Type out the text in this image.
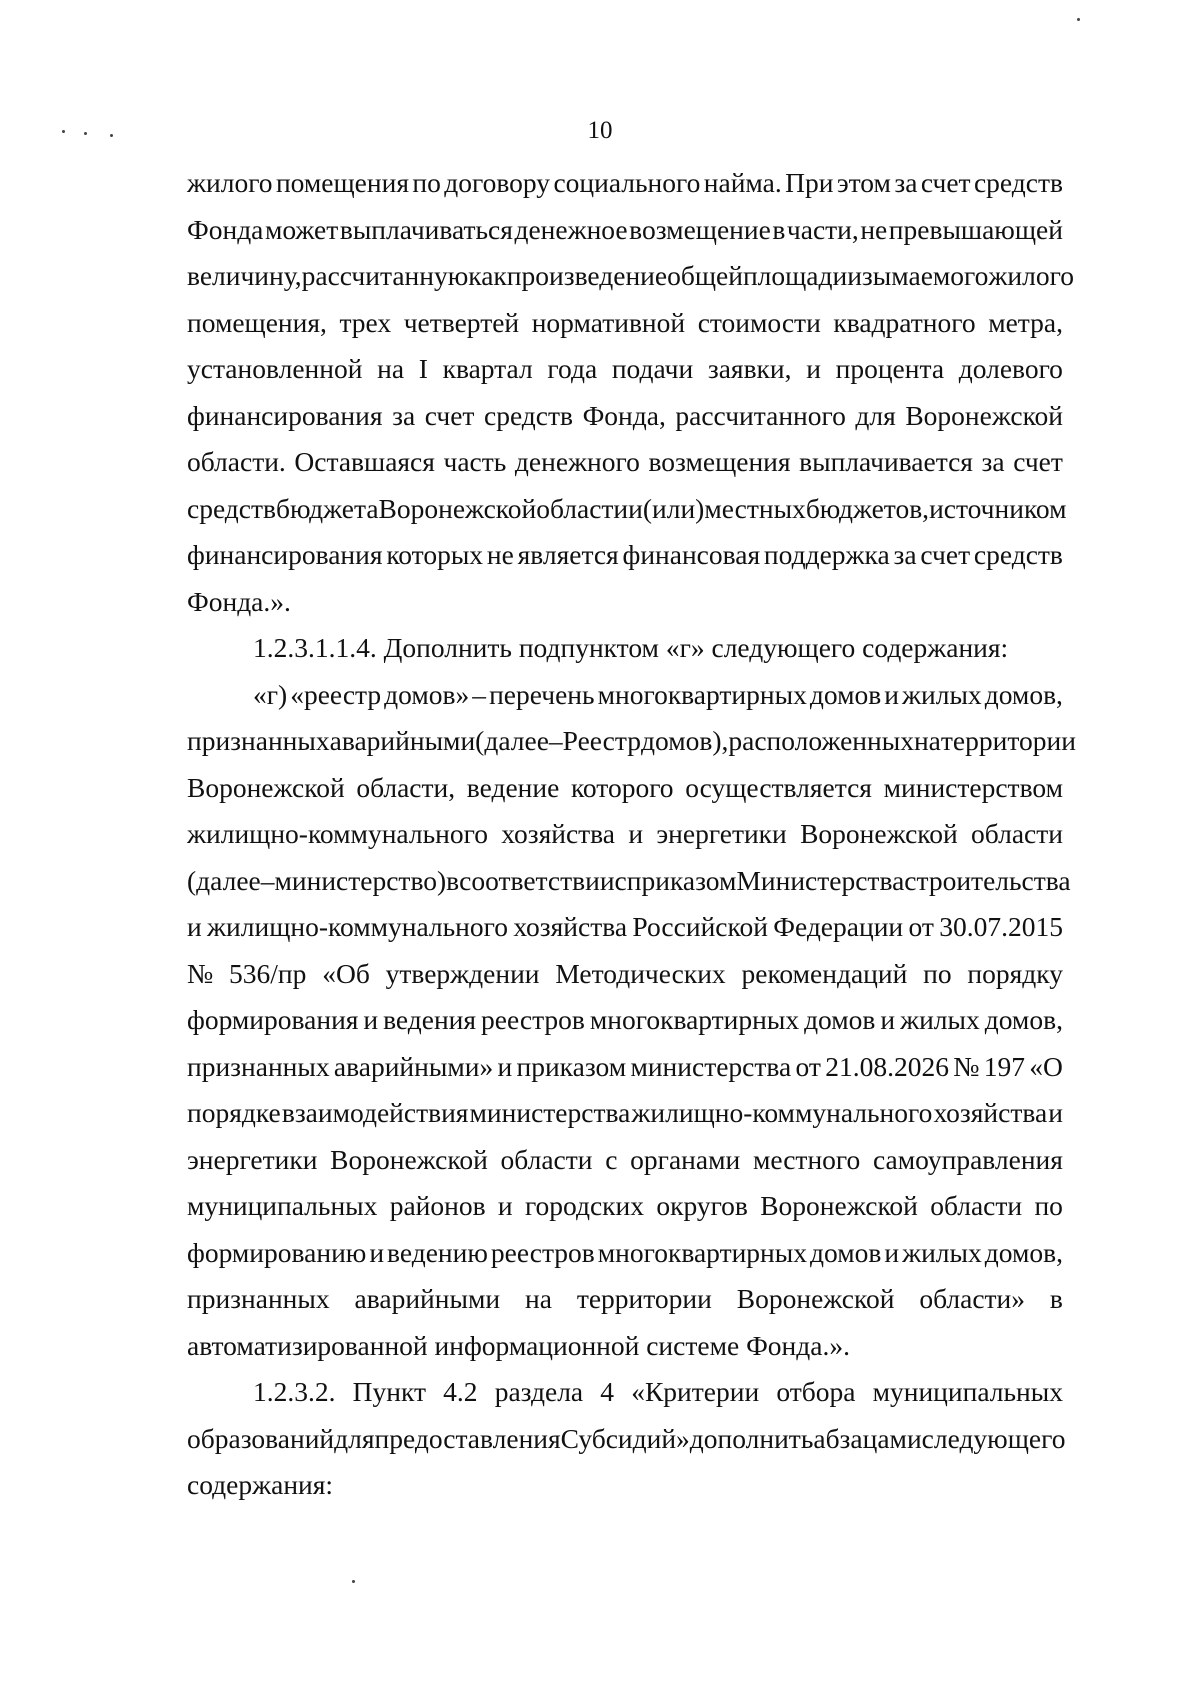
10
жилого помещения по договору социального найма. При этом за счет средств
Фонда может выплачиваться денежное возмещение в части, не превышающей
величину, рассчитанную как произведение общей площади изымаемого жилого
помещения, трех четвертей нормативной стоимости квадратного метра,
установленной на I квартал года подачи заявки, и процента долевого
финансирования за счет средств Фонда, рассчитанного для Воронежской
области. Оставшаяся часть денежного возмещения выплачивается за счет
средств бюджета Воронежской области и (или) местных бюджетов, источником
финансирования которых не является финансовая поддержка за счет средств
Фонда.».
1.2.3.1.1.4. Дополнить подпунктом «г» следующего содержания:
«г) «реестр домов» – перечень многоквартирных домов и жилых домов,
признанных аварийными (далее – Реестр домов), расположенных на территории
Воронежской области, ведение которого осуществляется министерством
жилищно-коммунального хозяйства и энергетики Воронежской области
(далее – министерство) в соответствии с приказом Министерства строительства
и жилищно-коммунального хозяйства Российской Федерации от 30.07.2015
№ 536/пр «Об утверждении Методических рекомендаций по порядку
формирования и ведения реестров многоквартирных домов и жилых домов,
признанных аварийными» и приказом министерства от 21.08.2026 № 197 «О
порядке взаимодействия министерства жилищно-коммунального хозяйства и
энергетики Воронежской области с органами местного самоуправления
муниципальных районов и городских округов Воронежской области по
формированию и ведению реестров многоквартирных домов и жилых домов,
признанных аварийными на территории Воронежской области» в
автоматизированной информационной системе Фонда.».
1.2.3.2. Пункт 4.2 раздела 4 «Критерии отбора муниципальных
образований для предоставления Субсидий» дополнить абзацами следующего
содержания:
